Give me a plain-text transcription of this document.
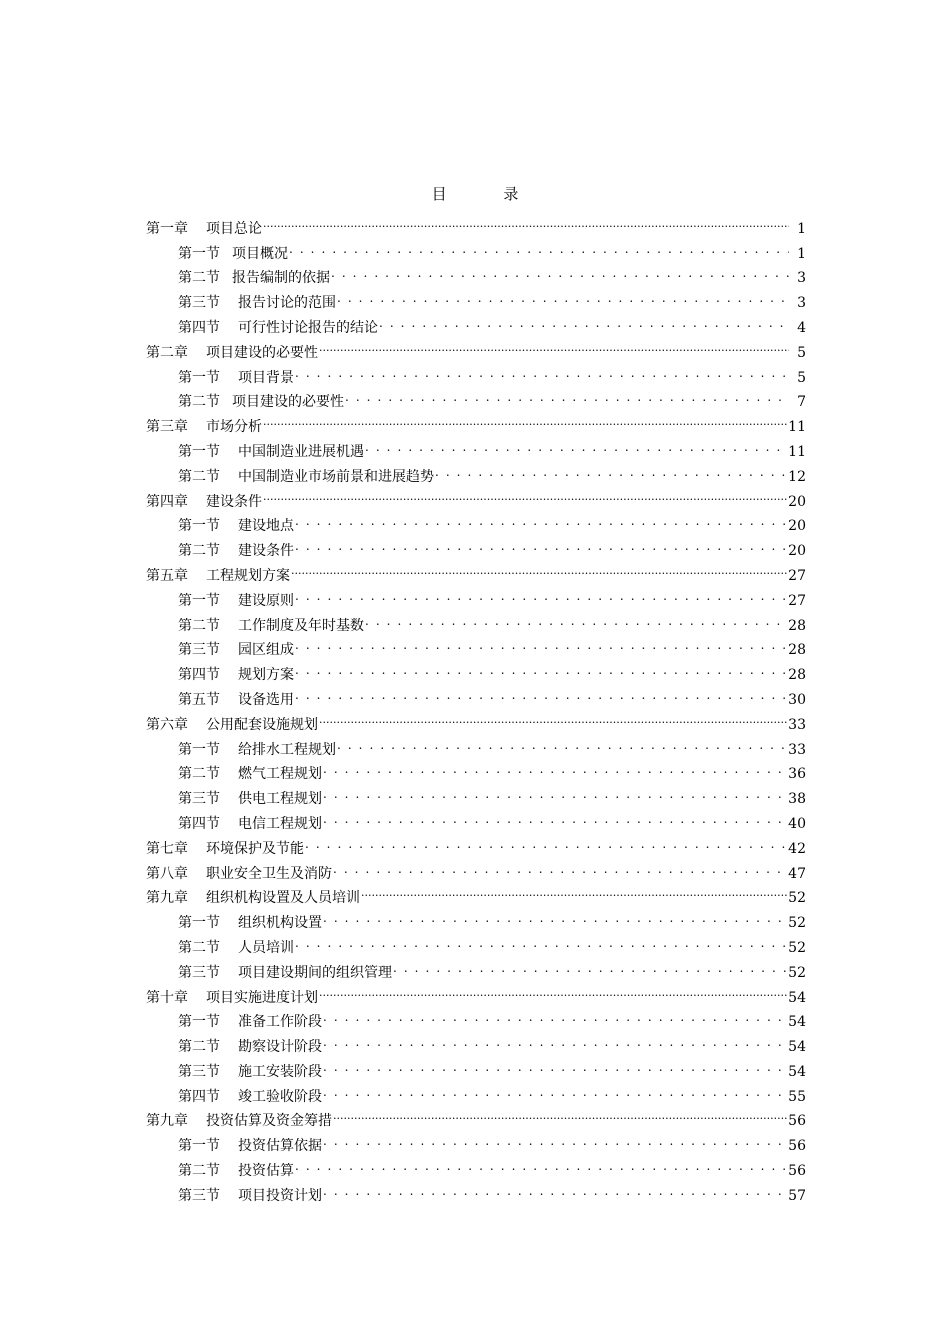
目 录
第一章 项目总论 .....	1
第一节 项目概况 . . .	1
第二节 报告编制的依据 . . .	3
第三节 报告讨论的范围 . . .	3
第四节 可行性讨论报告的结论 . . .	4
第二章 项目建设的必要性 .....	5
第一节 项目背景 . . .	5
第二节 项目建设的必要性 . . .	7
第三章 市场分析 .....	11
第一节 中国制造业进展机遇 . . .	11
第二节 中国制造业市场前景和进展趋势 . . .	12
第四章 建设条件 .....	20
第一节 建设地点 . . .	20
第二节 建设条件 . . .	20
第五章 工程规划方案 .....	27
第一节 建设原则 . . .	27
第二节 工作制度及年时基数 . . .	28
第三节 园区组成 . . .	28
第四节 规划方案 . . .	28
第五节 设备选用 . . .	30
第六章 公用配套设施规划 .....	33
第一节 给排水工程规划 . . .	33
第二节 燃气工程规划 . . .	36
第三节 供电工程规划 . . .	38
第四节 电信工程规划 . . .	40
第七章 环境保护及节能 . . .	42
第八章 职业安全卫生及消防 . . .	47
第九章 组织机构设置及人员培训 .....	52
第一节 组织机构设置 . . .	52
第二节 人员培训 . . .	52
第三节 项目建设期间的组织管理 . . .	52
第十章 项目实施进度计划 .....	54
第一节 准备工作阶段 . . .	54
第二节 勘察设计阶段 . . .	54
第三节 施工安装阶段 . . .	54
第四节 竣工验收阶段 . . .	55
第九章 投资估算及资金筹措 .....	56
第一节 投资估算依据 . . .	56
第二节 投资估算 . . .	56
第三节 项目投资计划 . . .	57
